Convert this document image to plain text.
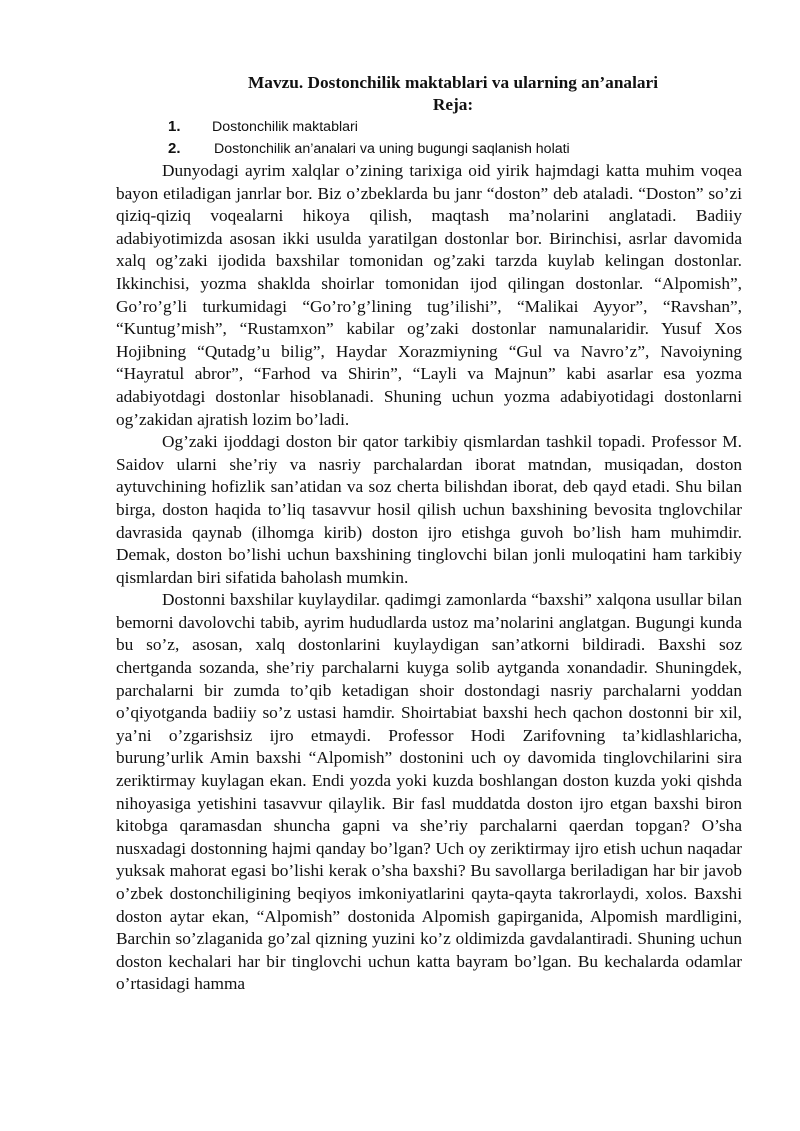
Mavzu. Dostonchilik maktablari va ularning an’analari
Reja:
1.	Dostonchilik maktablari
2.	Dostonchilik an’analari va uning bugungi saqlanish holati

Dunyodagi ayrim xalqlar o’zining tarixiga oid yirik hajmdagi katta muhim voqea bayon etiladigan janrlar bor. Biz o’zbeklarda bu janr “doston” deb ataladi. “Doston” so’zi qiziq-qiziq voqealarni hikoya qilish, maqtash ma’nolarini anglatadi. Badiiy adabiyotimizda asosan ikki usulda yaratilgan dostonlar bor. Birinchisi, asrlar davomida xalq og’zaki ijodida baxshilar tomonidan og’zaki tarzda kuylab kelingan dostonlar. Ikkinchisi, yozma shaklda shoirlar tomonidan ijod qilingan dostonlar. “Alpomish”, Go’ro’g’li turkumidagi “Go’ro’g’lining tug’ilishi”, “Malikai Ayyor”, “Ravshan”, “Kuntug’mish”, “Rustamxon” kabilar og’zaki dostonlar namunalaridir. Yusuf Xos Hojibning “Qutadg’u bilig”, Haydar Xorazmiyning “Gul va Navro’z”, Navoiyning “Hayratul abror”, “Farhod va Shirin”, “Layli va Majnun” kabi asarlar esa yozma adabiyotdagi dostonlar hisoblanadi. Shuning uchun yozma adabiyotidagi dostonlarni og’zakidan ajratish lozim bo’ladi.

Og’zaki ijoddagi doston bir qator tarkibiy qismlardan tashkil topadi. Professor M. Saidov ularni she’riy va nasriy parchalardan iborat matndan, musiqadan, doston aytuvchining hofizlik san’atidan va soz cherta bilishdan iborat, deb qayd etadi. Shu bilan birga, doston haqida to’liq tasavvur hosil qilish uchun baxshining bevosita tnglovchilar davrasida qaynab (ilhomga kirib) doston ijro etishga guvoh bo’lish ham muhimdir. Demak, doston bo’lishi uchun baxshining tinglovchi bilan jonli muloqatini ham tarkibiy qismlardan biri sifatida baholash mumkin.

Dostonni baxshilar kuylaydilar. qadimgi zamonlarda “baxshi” xalqona usullar bilan bemorni davolovchi tabib, ayrim hududlarda ustoz ma’nolarini anglatgan. Bugungi kunda bu so’z, asosan, xalq dostonlarini kuylaydigan san’atkorni bildiradi. Baxshi soz chertganda sozanda, she’riy parchalarni kuyga solib aytganda xonandadir. Shuningdek, parchalarni bir zumda to’qib ketadigan shoir dostondagi nasriy parchalarni yoddan o’qiyotganda badiiy so’z ustasi hamdir. Shoirtabiat baxshi hech qachon dostonni bir xil, ya’ni o’zgarishsiz ijro etmaydi. Professor Hodi Zarifovning ta’kidlashlaricha, burung’urlik Amin baxshi “Alpomish” dostonini uch oy davomida tinglovchilarini sira zeriktirmay kuylagan ekan. Endi yozda yoki kuzda boshlangan doston kuzda yoki qishda nihoyasiga yetishini tasavvur qilaylik. Bir fasl muddatda doston ijro etgan baxshi biron kitobga qaramasdan shuncha gapni va she’riy parchalarni qaerdan topgan? O’sha nusxadagi dostonning hajmi qanday bo’lgan? Uch oy zeriktirmay ijro etish uchun naqadar yuksak mahorat egasi bo’lishi kerak o’sha baxshi? Bu savollarga beriladigan har bir javob o’zbek dostonchiligining beqiyos imkoniyatlarini qayta-qayta takrorlaydi, xolos. Baxshi doston aytar ekan, “Alpomish” dostonida Alpomish gapirganida, Alpomish mardligini, Barchin so’zlaganida go’zal qizning yuzini ko’z oldimizda gavdalantiradi. Shuning uchun doston kechalari har bir tinglovchi uchun katta bayram bo’lgan. Bu kechalarda odamlar o’rtasidagi hamma
